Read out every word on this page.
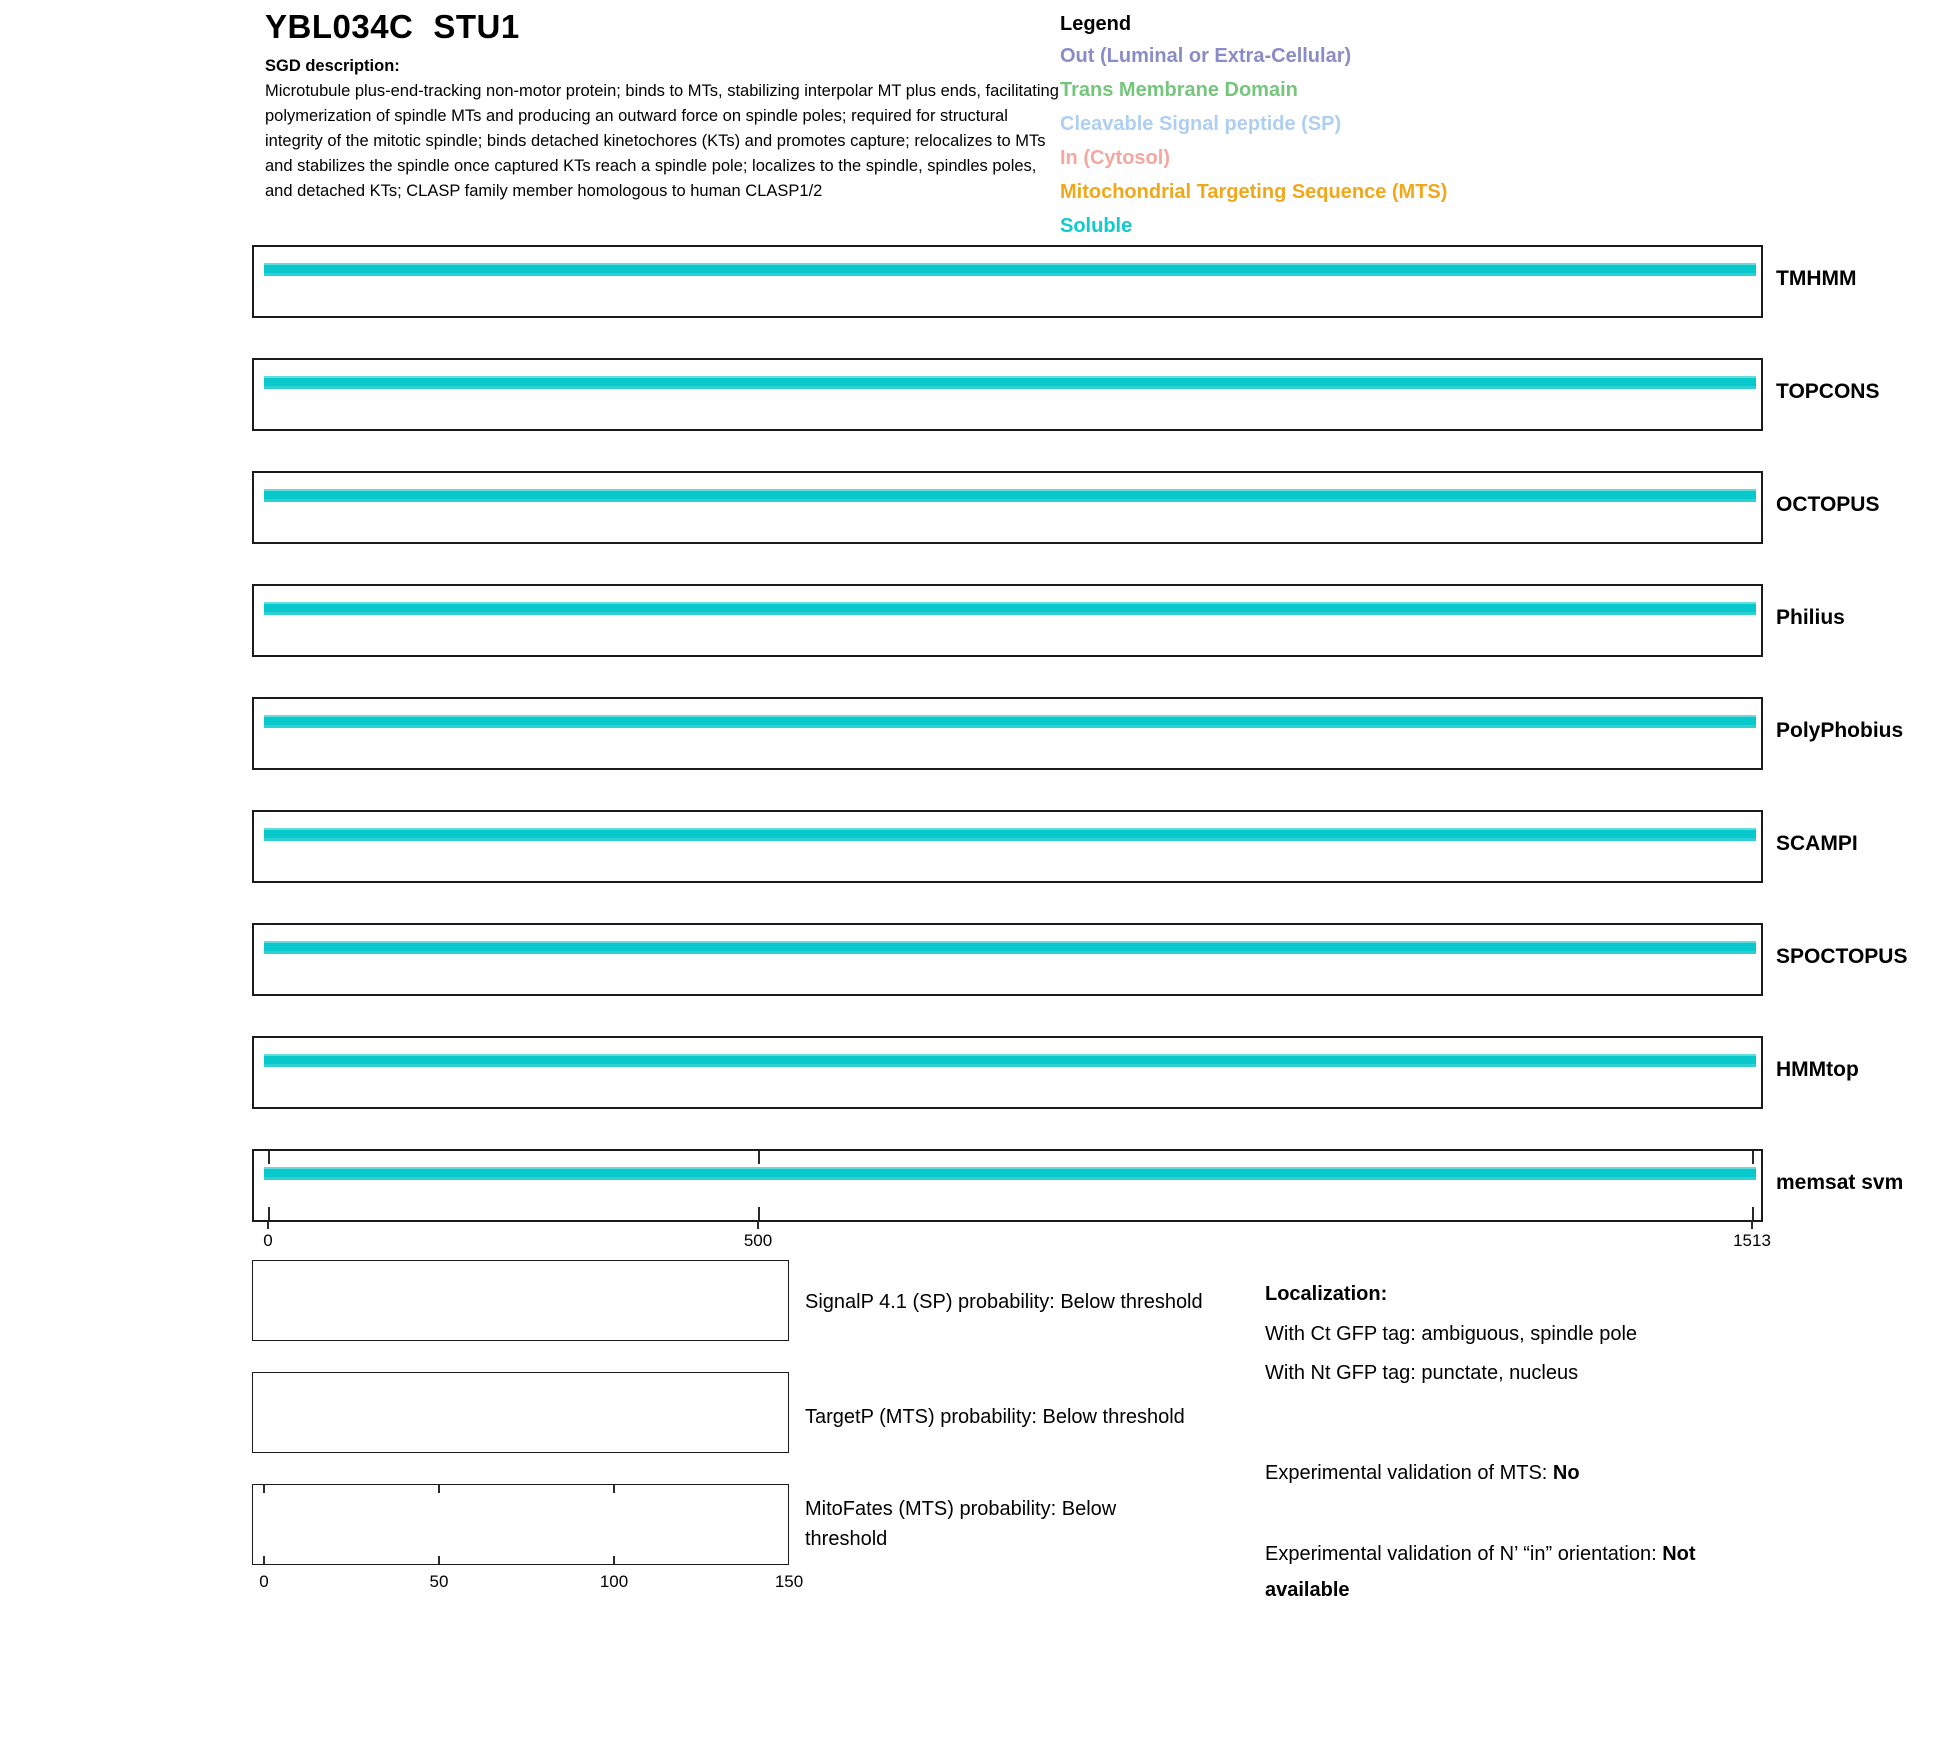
YBL034C STU1
SGD description:
Microtubule plus-end-tracking non-motor protein; binds to MTs, stabilizing interpolar MT plus ends, facilitating
polymerization of spindle MTs and producing an outward force on spindle poles; required for structural
integrity of the mitotic spindle; binds detached kinetochores (KTs) and promotes capture; relocalizes to MTs
and stabilizes the spindle once captured KTs reach a spindle pole; localizes to the spindle, spindles poles,
and detached KTs; CLASP family member homologous to human CLASP1/2
Legend
Out (Luminal or Extra-Cellular)
Trans Membrane Domain
Cleavable Signal peptide (SP)
In (Cytosol)
Mitochondrial Targeting Sequence (MTS)
Soluble
TMHMM
TOPCONS
OCTOPUS
Philius
PolyPhobius
SCAMPI
SPOCTOPUS
HMMtop
memsat svm
0	500	1513
SignalP 4.1 (SP) probability: Below threshold
TargetP (MTS) probability: Below threshold
MitoFates (MTS) probability: Below
threshold
0	50	100	150
Localization:
With Ct GFP tag: ambiguous, spindle pole
With Nt GFP tag: punctate, nucleus
Experimental validation of MTS: No
Experimental validation of N’ “in” orientation: Not available
